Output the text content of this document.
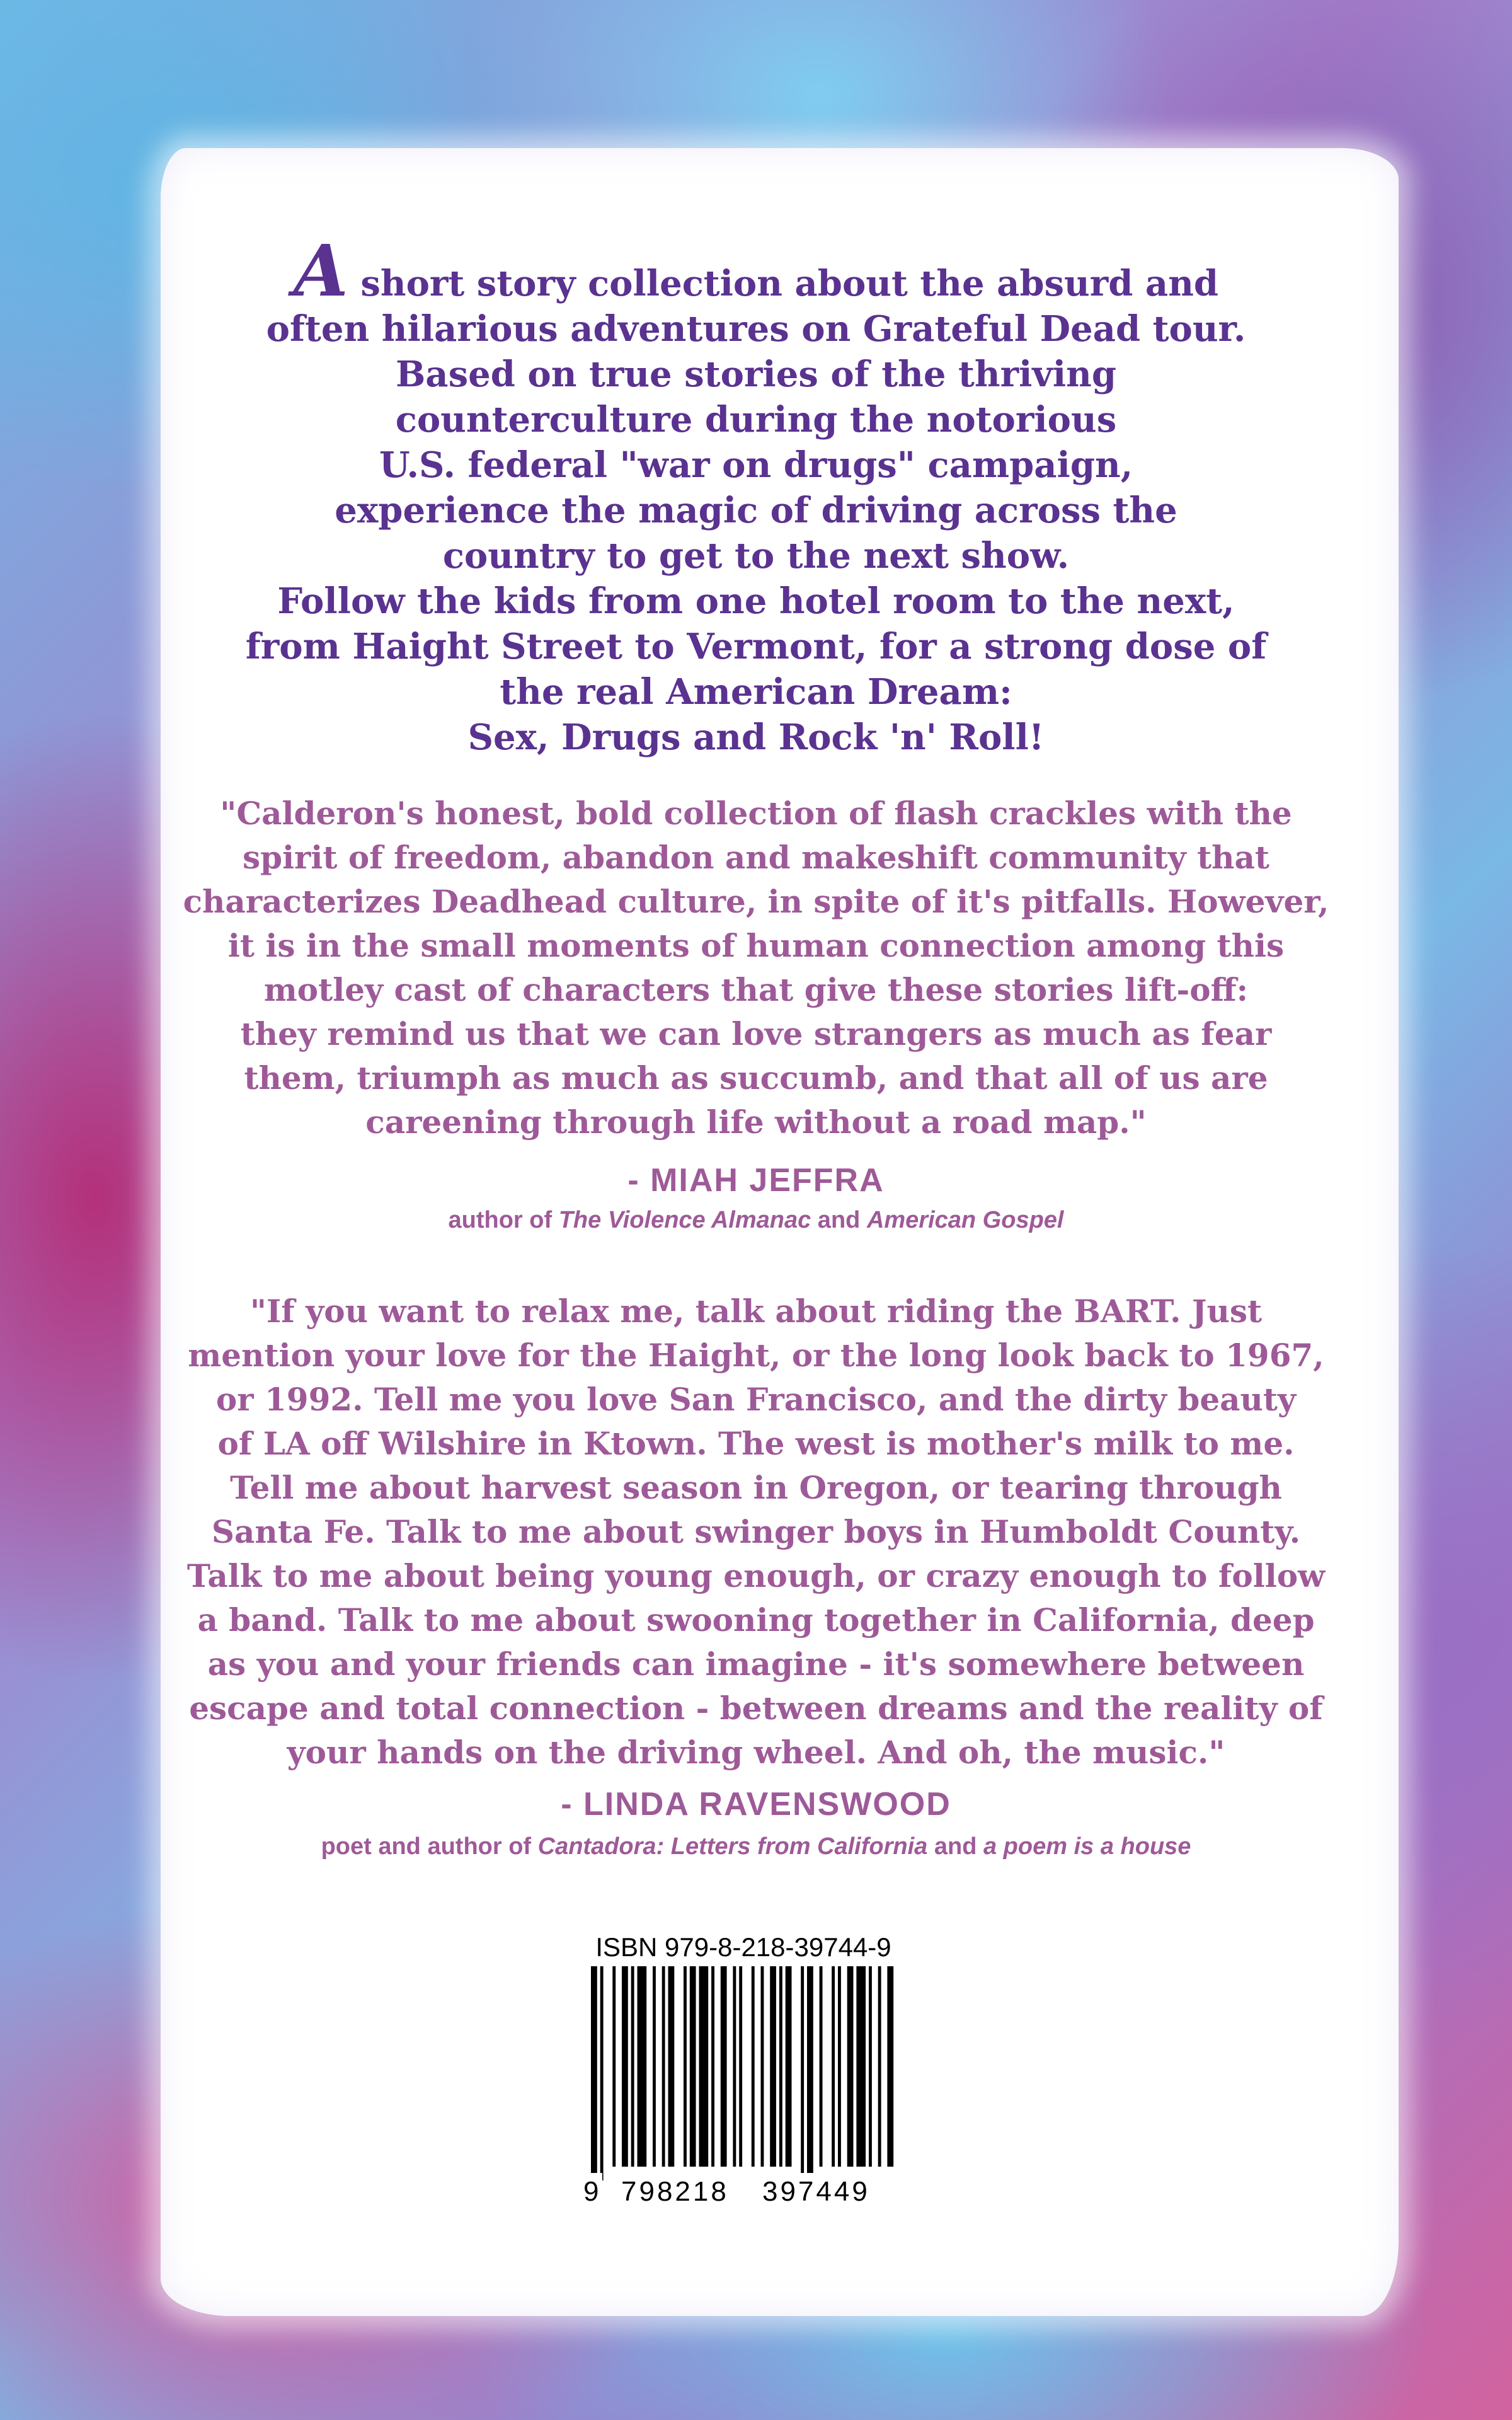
A short story collection about the absurd and
often hilarious adventures on Grateful Dead tour.
Based on true stories of the thriving
counterculture during the notorious
U.S. federal "war on drugs" campaign,
experience the magic of driving across the
country to get to the next show.
Follow the kids from one hotel room to the next,
from Haight Street to Vermont, for a strong dose of
the real American Dream:
Sex, Drugs and Rock 'n' Roll!
"Calderon's honest, bold collection of flash crackles with the
spirit of freedom, abandon and makeshift community that
characterizes Deadhead culture, in spite of it's pitfalls. However,
it is in the small moments of human connection among this
motley cast of characters that give these stories lift-off:
they remind us that we can love strangers as much as fear
them, triumph as much as succumb, and that all of us are
careening through life without a road map."
- MIAH JEFFRA
author of The Violence Almanac and American Gospel
"If you want to relax me, talk about riding the BART. Just
mention your love for the Haight, or the long look back to 1967,
or 1992. Tell me you love San Francisco, and the dirty beauty
of LA off Wilshire in Ktown. The west is mother's milk to me.
Tell me about harvest season in Oregon, or tearing through
Santa Fe. Talk to me about swinger boys in Humboldt County.
Talk to me about being young enough, or crazy enough to follow
a band. Talk to me about swooning together in California, deep
as you and your friends can imagine - it's somewhere between
escape and total connection - between dreams and the reality of
your hands on the driving wheel. And oh, the music."
- LINDA RAVENSWOOD
poet and author of Cantadora: Letters from California and a poem is a house
ISBN 979-8-218-39744-9
9 798218 397449
